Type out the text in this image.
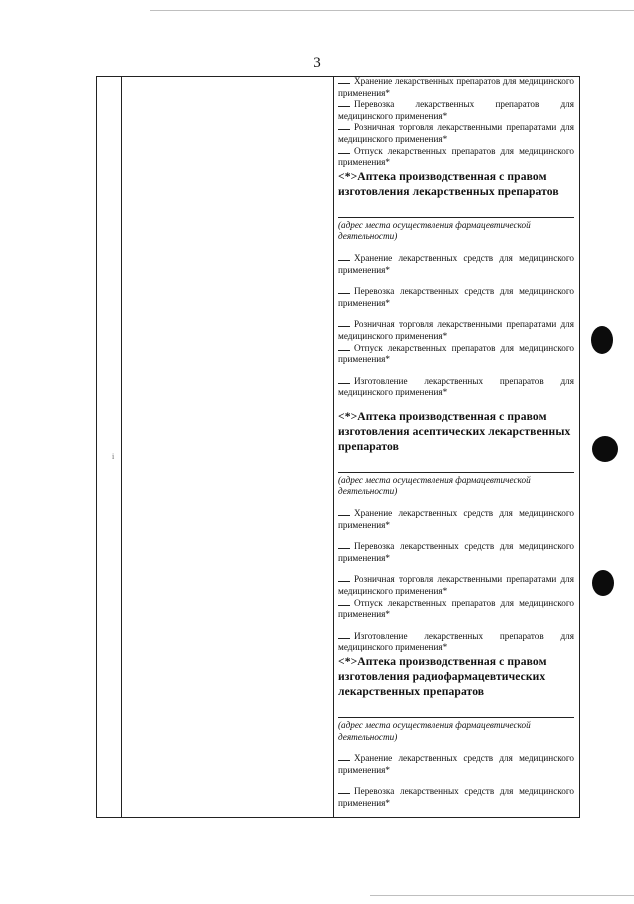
3
і
Хранение лекарственных препаратов для медицинского применения*
Перевозка лекарственных препаратов для медицинского применения*
Розничная торговля лекарственными препаратами для медицинского применения*
Отпуск лекарственных препаратов для медицинского применения*
<*>Аптека производственная с правом изготовления лекарственных препаратов
(адрес места осуществления фармацевтической деятельности)
Хранение лекарственных средств для медицинского применения*
Перевозка лекарственных средств для медицинского применения*
Розничная торговля лекарственными препаратами для медицинского применения*
Отпуск лекарственных препаратов для медицинского применения*
Изготовление лекарственных препаратов для медицинского применения*
<*>Аптека производственная с правом изготовления асептических лекарственных препаратов
(адрес места осуществления фармацевтической деятельности)
Хранение лекарственных средств для медицинского применения*
Перевозка лекарственных средств для медицинского применения*
Розничная торговля лекарственными препаратами для медицинского применения*
Отпуск лекарственных препаратов для медицинского применения*
Изготовление лекарственных препаратов для медицинского применения*
<*>Аптека производственная с правом изготовления радиофармацевтических лекарственных препаратов
(адрес места осуществления фармацевтической деятельности)
Хранение лекарственных средств для медицинского применения*
Перевозка лекарственных средств для медицинского применения*
